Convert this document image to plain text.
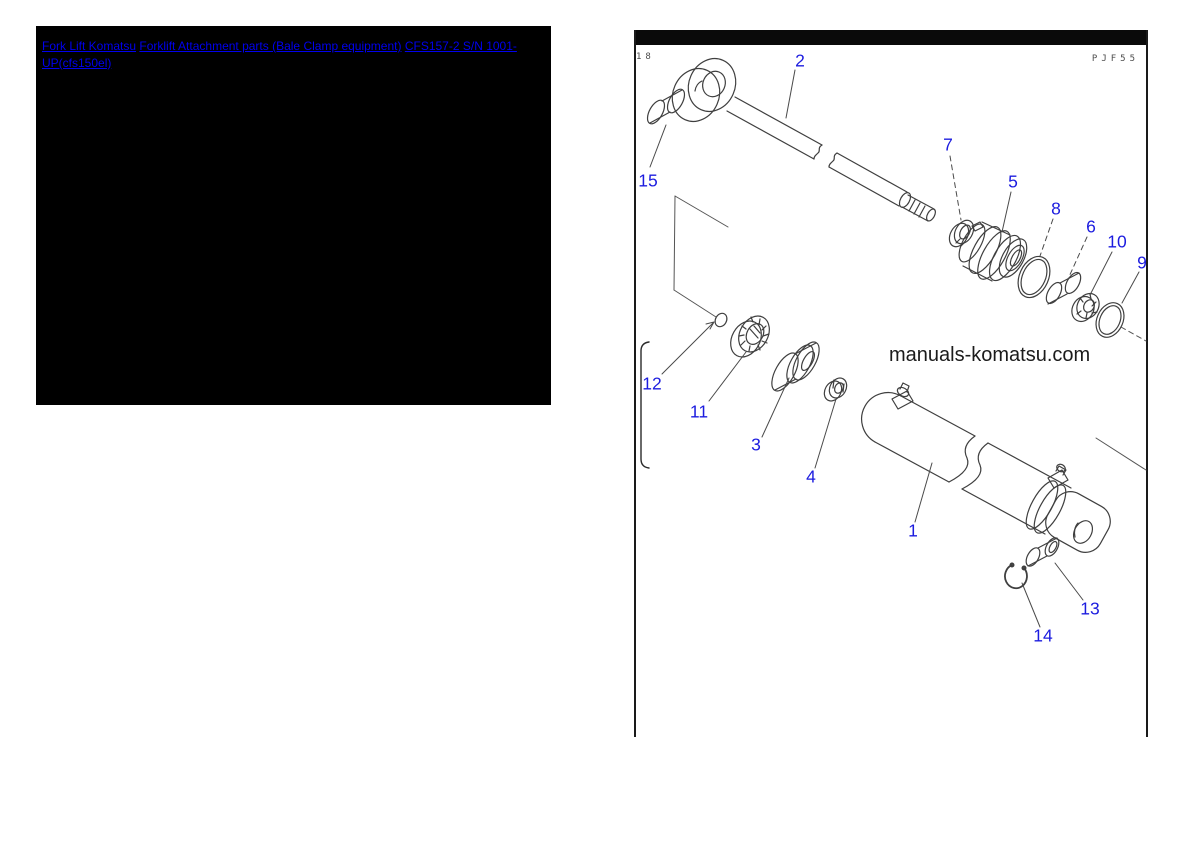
Fork Lift Komatsu Forklift Attachment parts (Bale Clamp equipment) CFS157-2 S/N 1001-UP(cfs150el)	18	PJF55
manuals-komatsu.com
1
2
3
4
5
6
7
8
9
10
11
12
13
14
15
